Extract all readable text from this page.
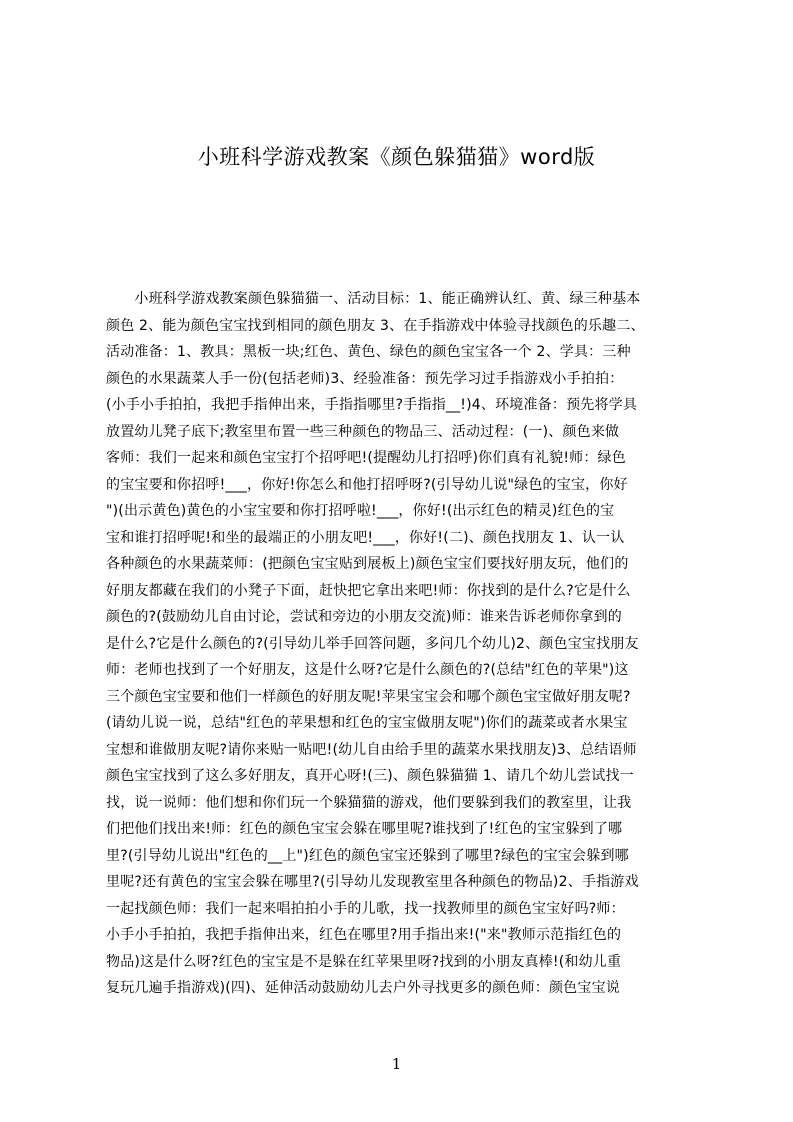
小班科学游戏教案《颜色躲猫猫》word版
　　小班科学游戏教案颜色躲猫猫一、活动目标：1、能正确辨认红、黄、绿三种基本
颜色 2、能为颜色宝宝找到相同的颜色朋友 3、在手指游戏中体验寻找颜色的乐趣二、
活动准备：1、教具：黑板一块;红色、黄色、绿色的颜色宝宝各一个 2、学具：三种
颜色的水果蔬菜人手一份(包括老师)3、经验准备：预先学习过手指游戏小手拍拍：
(小手小手拍拍，我把手指伸出来，手指指哪里?手指指__!)4、环境准备：预先将学具
放置幼儿凳子底下;教室里布置一些三种颜色的物品三、活动过程：(一)、颜色来做
客师：我们一起来和颜色宝宝打个招呼吧!(提醒幼儿打招呼)你们真有礼貌!师：绿色
的宝宝要和你招呼!___，你好!你怎么和他打招呼呀?(引导幼儿说"绿色的宝宝，你好
")(出示黄色)黄色的小宝宝要和你打招呼啦!___，你好!(出示红色的精灵)红色的宝
宝和谁打招呼呢!和坐的最端正的小朋友吧!___，你好!(二)、颜色找朋友 1、认一认
各种颜色的水果蔬菜师：(把颜色宝宝贴到展板上)颜色宝宝们要找好朋友玩，他们的
好朋友都藏在我们的小凳子下面，赶快把它拿出来吧!师：你找到的是什么?它是什么
颜色的?(鼓励幼儿自由讨论，尝试和旁边的小朋友交流)师：谁来告诉老师你拿到的
是什么?它是什么颜色的?(引导幼儿举手回答问题，多问几个幼儿)2、颜色宝宝找朋友
师：老师也找到了一个好朋友，这是什么呀?它是什么颜色的?(总结"红色的苹果")这
三个颜色宝宝要和他们一样颜色的好朋友呢!苹果宝宝会和哪个颜色宝宝做好朋友呢?
(请幼儿说一说，总结"红色的苹果想和红色的宝宝做朋友呢")你们的蔬菜或者水果宝
宝想和谁做朋友呢?请你来贴一贴吧!(幼儿自由给手里的蔬菜水果找朋友)3、总结语师
颜色宝宝找到了这么多好朋友，真开心呀!(三)、颜色躲猫猫 1、请几个幼儿尝试找一
找，说一说师：他们想和你们玩一个躲猫猫的游戏，他们要躲到我们的教室里，让我
们把他们找出来!师：红色的颜色宝宝会躲在哪里呢?谁找到了!红色的宝宝躲到了哪
里?(引导幼儿说出"红色的__上")红色的颜色宝宝还躲到了哪里?绿色的宝宝会躲到哪
里呢?还有黄色的宝宝会躲在哪里?(引导幼儿发现教室里各种颜色的物品)2、手指游戏
一起找颜色师：我们一起来唱拍拍小手的儿歌，找一找教师里的颜色宝宝好吗?师：
小手小手拍拍，我把手指伸出来，红色在哪里?用手指出来!("来"教师示范指红色的
物品)这是什么呀?红色的宝宝是不是躲在红苹果里呀?找到的小朋友真棒!(和幼儿重
复玩几遍手指游戏)(四)、延伸活动鼓励幼儿去户外寻找更多的颜色师：颜色宝宝说
1
